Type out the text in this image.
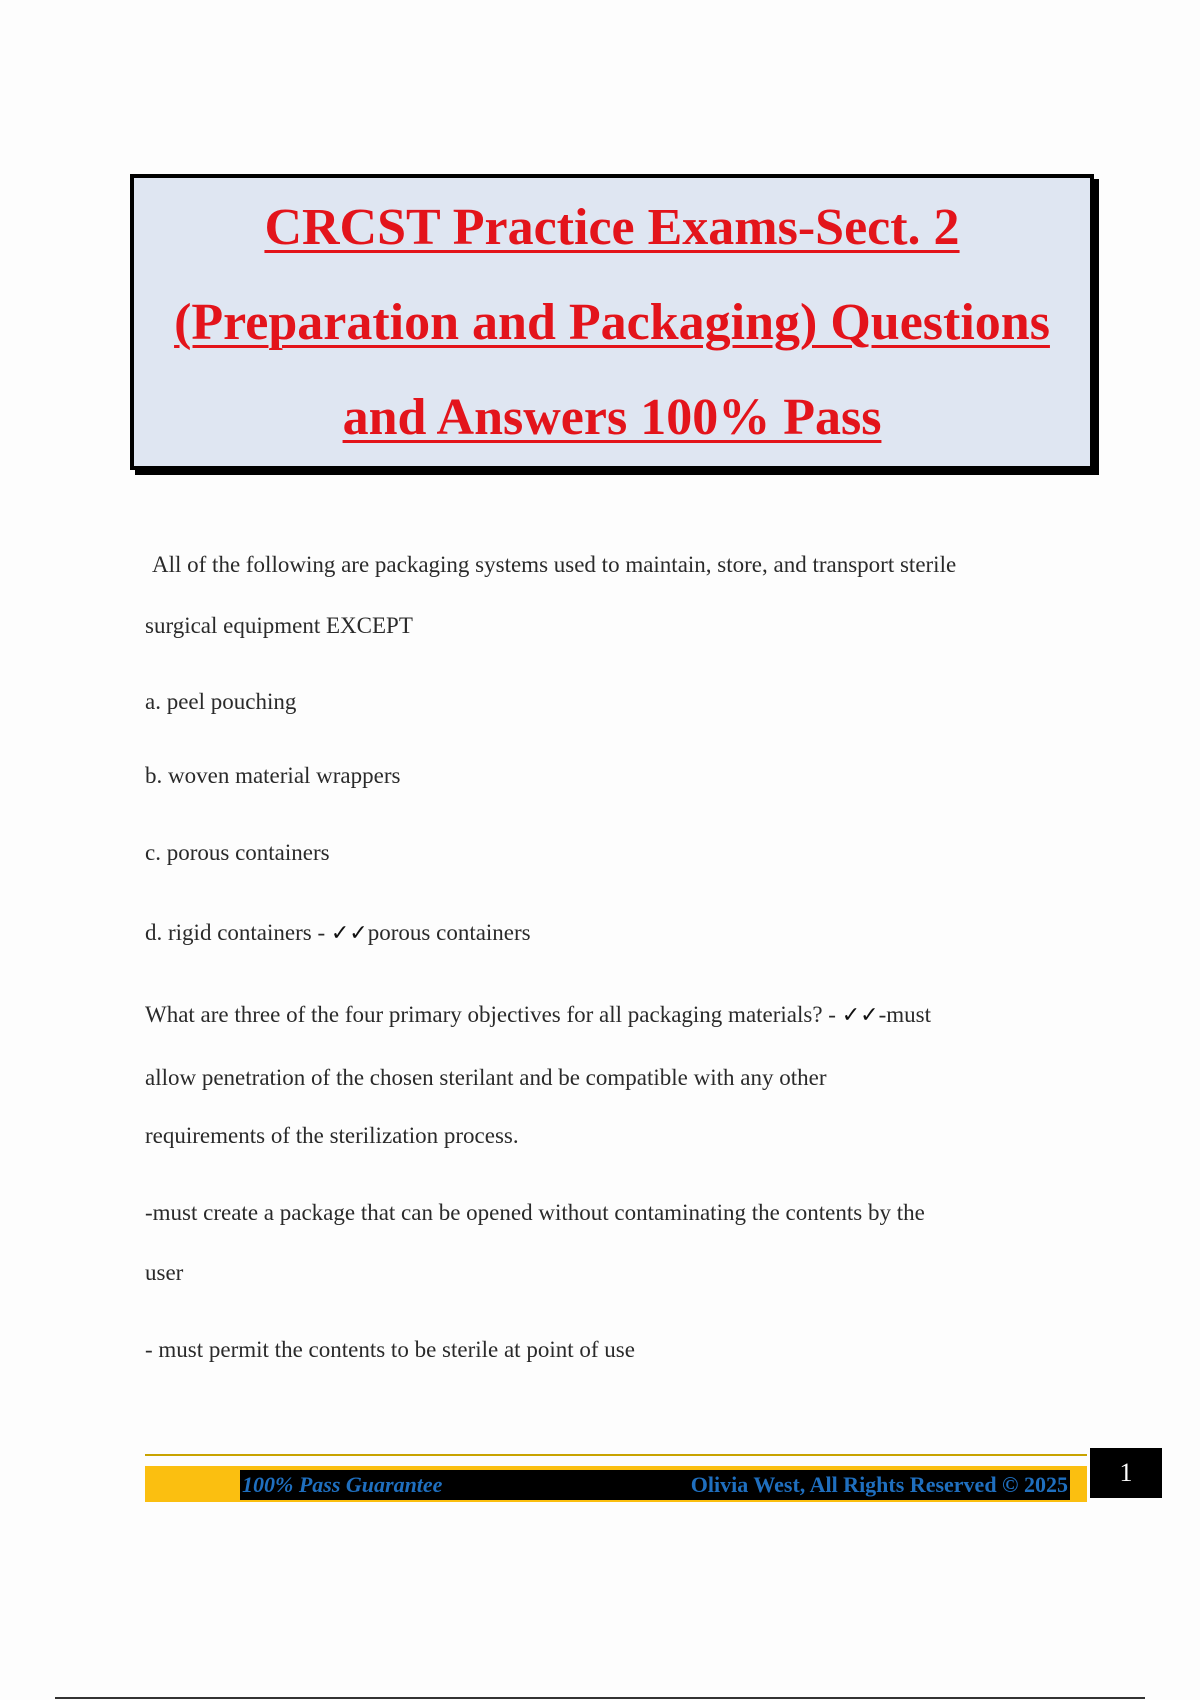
CRCST Practice Exams-Sect. 2
(Preparation and Packaging) Questions
and Answers 100% Pass
All of the following are packaging systems used to maintain, store, and transport sterile
surgical equipment EXCEPT
a. peel pouching
b. woven material wrappers
c. porous containers
d. rigid containers - ✓✓porous containers
What are three of the four primary objectives for all packaging materials? - ✓✓-must
allow penetration of the chosen sterilant and be compatible with any other
requirements of the sterilization process.
-must create a package that can be opened without contaminating the contents by the
user
- must permit the contents to be sterile at point of use
100% Pass Guarantee	Olivia West, All Rights Reserved © 2025	1
